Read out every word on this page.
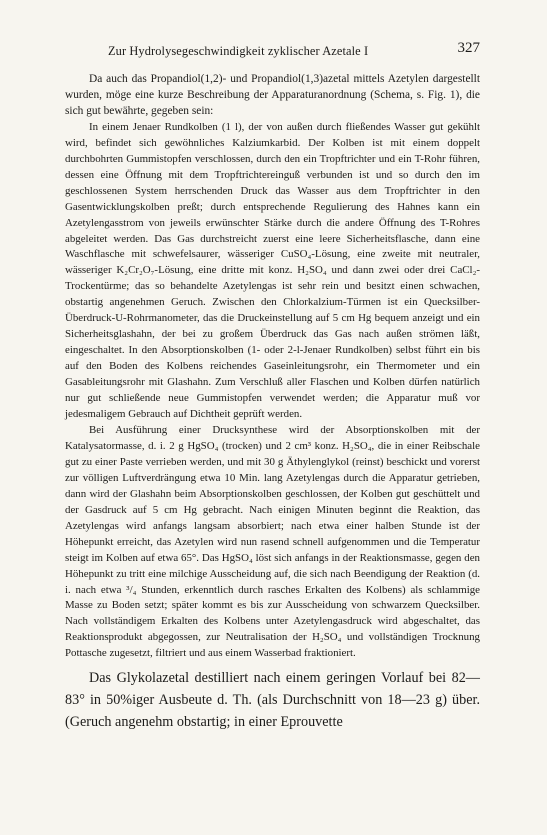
Zur Hydrolysegeschwindigkeit zyklischer Azetale I	327

Da auch das Propandiol(1,2)- und Propandiol(1,3)azetal mittels Azetylen dargestellt wurden, möge eine kurze Beschreibung der Apparaturanordnung (Schema, s. Fig. 1), die sich gut bewährte, gegeben sein:

In einem Jenaer Rundkolben (1 l), der von außen durch fließendes Wasser gut gekühlt wird, befindet sich gewöhnliches Kalziumkarbid. Der Kolben ist mit einem doppelt durchbohrten Gummistopfen verschlossen, durch den ein Tropftrichter und ein T-Rohr führen, dessen eine Öffnung mit dem Tropftrichtereinguß verbunden ist und so durch den im geschlossenen System herrschenden Druck das Wasser aus dem Tropftrichter in den Gasentwicklungskolben preßt; durch entsprechende Regulierung des Hahnes kann ein Azetylengasstrom von jeweils erwünschter Stärke durch die andere Öffnung des T-Rohres abgeleitet werden. Das Gas durchstreicht zuerst eine leere Sicherheitsflasche, dann eine Waschflasche mit schwefelsaurer, wässeriger CuSO₄-Lösung, eine zweite mit neutraler, wässeriger K₂Cr₂O₇-Lösung, eine dritte mit konz. H₂SO₄ und dann zwei oder drei CaCl₂-Trockentürme; das so behandelte Azetylengas ist sehr rein und besitzt einen schwachen, obstartig angenehmen Geruch. Zwischen den Chlorkalzium-Türmen ist ein Quecksilber-Überdruck-U-Rohrmanometer, das die Druckeinstellung auf 5 cm Hg bequem anzeigt und ein Sicherheitsglashahn, der bei zu großem Überdruck das Gas nach außen strömen läßt, eingeschaltet. In den Absorptionskolben (1- oder 2-l-Jenaer Rundkolben) selbst führt ein bis auf den Boden des Kolbens reichendes Gaseinleitungsrohr, ein Thermometer und ein Gasableitungsrohr mit Glashahn. Zum Verschluß aller Flaschen und Kolben dürfen natürlich nur gut schließende neue Gummistopfen verwendet werden; die Apparatur muß vor jedesmaligem Gebrauch auf Dichtheit geprüft werden.

Bei Ausführung einer Drucksynthese wird der Absorptionskolben mit der Katalysatormasse, d. i. 2 g HgSO₄ (trocken) und 2 cm³ konz. H₂SO₄, die in einer Reibschale gut zu einer Paste verrieben werden, und mit 30 g Äthylenglykol (reinst) beschickt und vorerst zur völligen Luftverdrängung etwa 10 Min. lang Azetylengas durch die Apparatur getrieben, dann wird der Glashahn beim Absorptionskolben geschlossen, der Kolben gut geschüttelt und der Gasdruck auf 5 cm Hg gebracht. Nach einigen Minuten beginnt die Reaktion, das Azetylengas wird anfangs langsam absorbiert; nach etwa einer halben Stunde ist der Höhepunkt erreicht, das Azetylen wird nun rasend schnell aufgenommen und die Temperatur steigt im Kolben auf etwa 65°. Das HgSO₄ löst sich anfangs in der Reaktionsmasse, gegen den Höhepunkt zu tritt eine milchige Ausscheidung auf, die sich nach Beendigung der Reaktion (d. i. nach etwa ³/₄ Stunden, erkenntlich durch rasches Erkalten des Kolbens) als schlammige Masse zu Boden setzt; später kommt es bis zur Ausscheidung von schwarzem Quecksilber. Nach vollständigem Erkalten des Kolbens unter Azetylengasdruck wird abgeschaltet, das Reaktionsprodukt abgegossen, zur Neutralisation der H₂SO₄ und vollständigen Trocknung Pottasche zugesetzt, filtriert und aus einem Wasserbad fraktioniert.

Das Glykolazetal destilliert nach einem geringen Vorlauf bei 82—83° in 50%iger Ausbeute d. Th. (als Durchschnitt von 18—23 g) über. (Geruch angenehm obstartig; in einer Eprouvette
